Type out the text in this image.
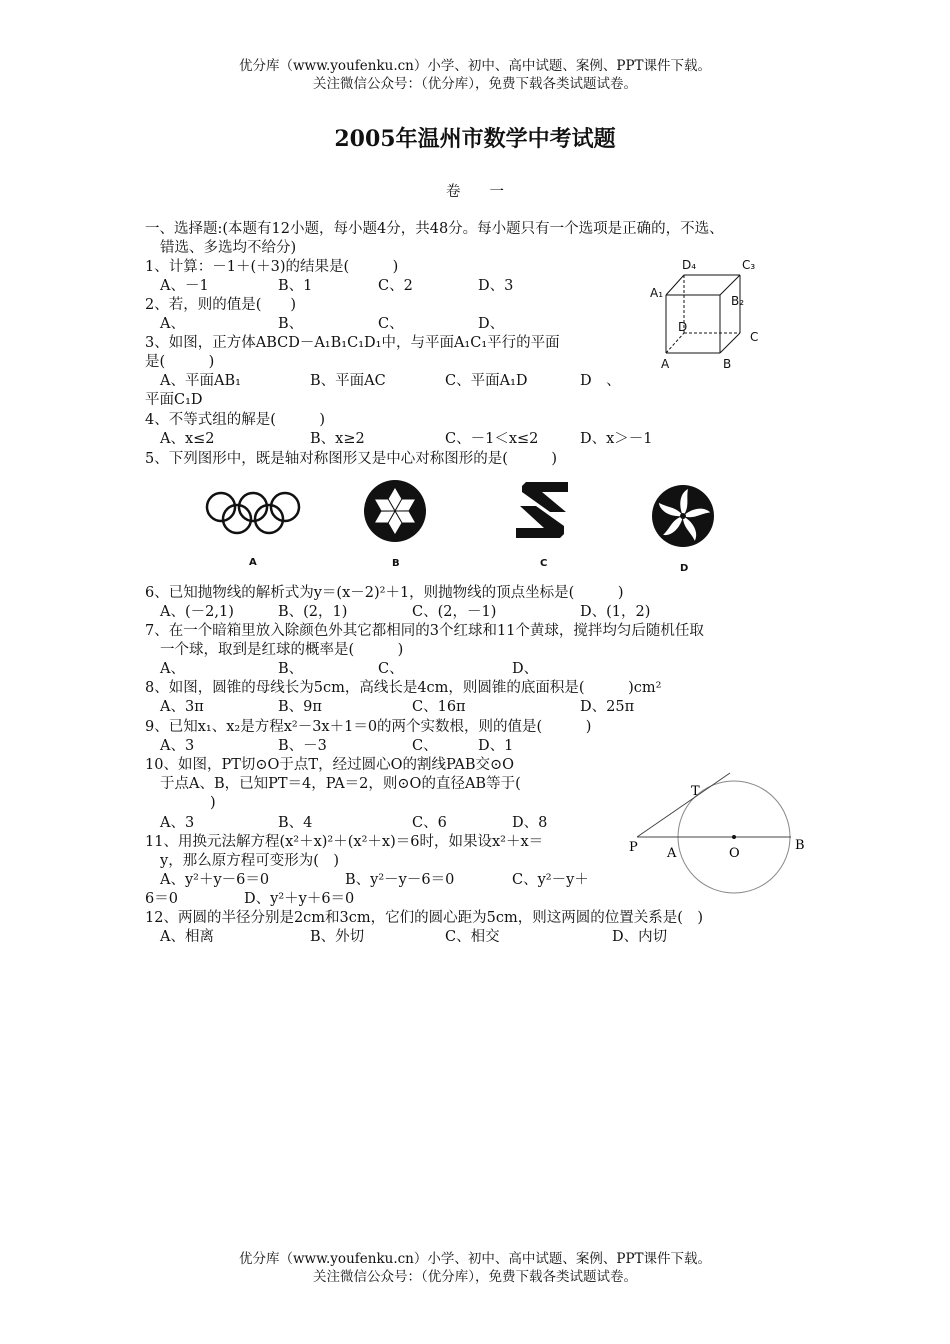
优分库（www.youfenku.cn）小学、初中、高中试题、案例、PPT课件下载。
关注微信公众号：（优分库），免费下载各类试题试卷。
2005年温州市数学中考试题
卷　　一
一、选择题:(本题有12小题，每小题4分，共48分。每小题只有一个选项是正确的，不选、
错选、多选均不给分)
1、计算：－1＋(＋3)的结果是(　　　)
A、－1	B、1	C、2	D、3
2、若，则的值是(　　)
A、	B、	C、	D、
3、如图，正方体ABCD－A₁B₁C₁D₁中，与平面A₁C₁平行的平面
是(　　　)
A、平面AB₁	B、平面AC	C、平面A₁D	D　、
平面C₁D
D₄	C₃
A₁
B₂
D
C
A	B
4、不等式组的解是(　　　)
A、x≤2	B、x≥2	C、－1＜x≤2	D、x＞－1
5、下列图形中，既是轴对称图形又是中心对称图形的是(　　　)
A	B	C	D
6、已知抛物线的解析式为y＝(x－2)²＋1，则抛物线的顶点坐标是(　　　)
A、(－2,1)	B、(2，1)	C、(2，－1)	D、(1，2)
7、在一个暗箱里放入除颜色外其它都相同的3个红球和11个黄球，搅拌均匀后随机任取
一个球，取到是红球的概率是(　　　)
A、	B、	C、	D、
8、如图，圆锥的母线长为5cm，高线长是4cm，则圆锥的底面积是(　　　)cm²
A、3π	B、9π	C、16π	D、25π
9、已知x₁、x₂是方程x²－3x＋1＝0的两个实数根，则的值是(　　　)
A、3	B、－3	C、	D、1
10、如图，PT切⊙O于点T，经过圆心O的割线PAB交⊙O
于点A、B，已知PT＝4，PA＝2，则⊙O的直径AB等于(
)
A、3	B、4	C、6	D、8
T
P A	O
B
11、用换元法解方程(x²＋x)²＋(x²＋x)＝6时，如果设x²＋x＝
y，那么原方程可变形为(　)
A、y²＋y－6＝0	B、y²－y－6＝0	C、y²－y＋
6＝0	D、y²＋y＋6＝0
12、两圆的半径分别是2cm和3cm，它们的圆心距为5cm，则这两圆的位置关系是(　)
A、相离	B、外切	C、相交	D、内切
优分库（www.youfenku.cn）小学、初中、高中试题、案例、PPT课件下载。
关注微信公众号：（优分库），免费下载各类试题试卷。
